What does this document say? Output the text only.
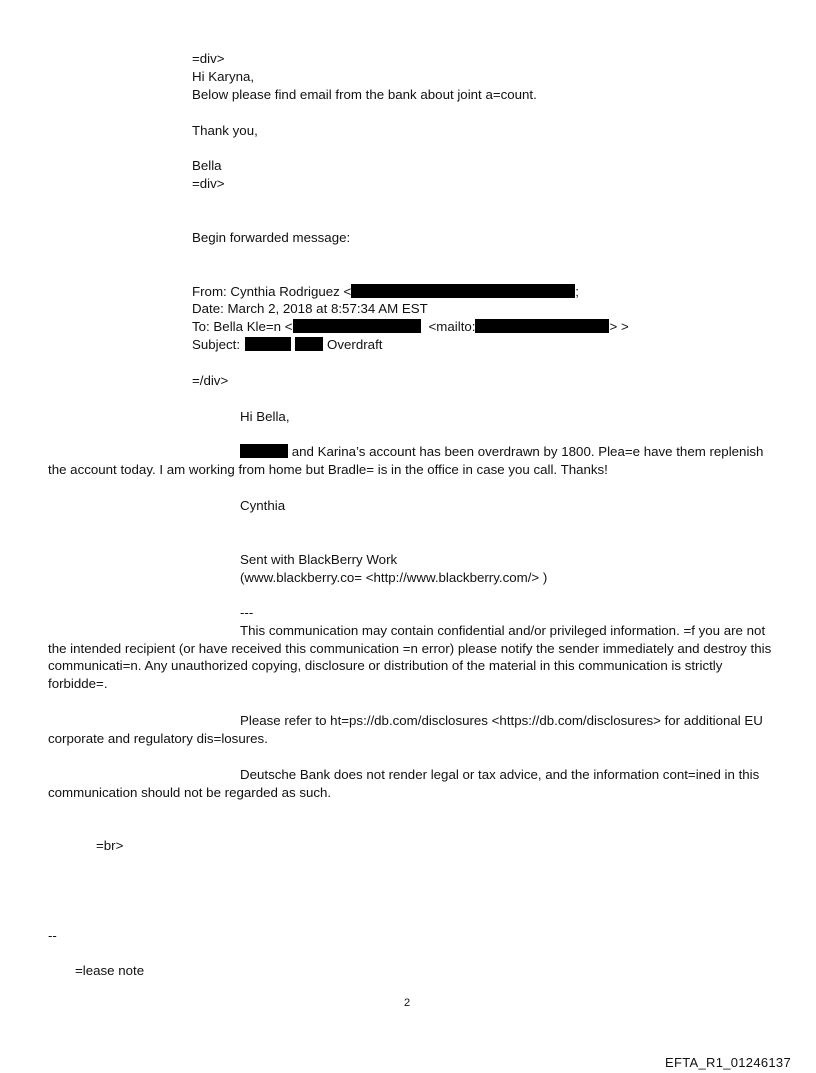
=div>
Hi Karyna,
Below please find email from the bank about joint a=count.
Thank you,
Bella
=div>
Begin forwarded message:
From: Cynthia Rodriguez <	;
Date: March 2, 2018 at 8:57:34 AM EST
To: Bella Kle=n <	<mailto:	> >
Subject:	Overdraft
=/div>
Hi Bella,
and Karina’s account has been overdrawn by 1800. Plea=e have them replenish the account today. I am working from home but Bradle= is in the office in case you call. Thanks!
Cynthia
Sent with BlackBerry Work
(www.blackberry.co= <http://www.blackberry.com/> )
---
This communication may contain confidential and/or privileged information. =f you are not the intended recipient (or have received this communication =n error) please notify the sender immediately and destroy this communicati=n. Any unauthorized copying, disclosure or distribution of the material in this communication is strictly forbidde=.
Please refer to ht=ps://db.com/disclosures <https://db.com/disclosures> for additional EU corporate and regulatory dis=losures.
Deutsche Bank does not render legal or tax advice, and the information cont=ined in this communication should not be regarded as such.
=br>
--
=lease note
2
EFTA_R1_01246137
